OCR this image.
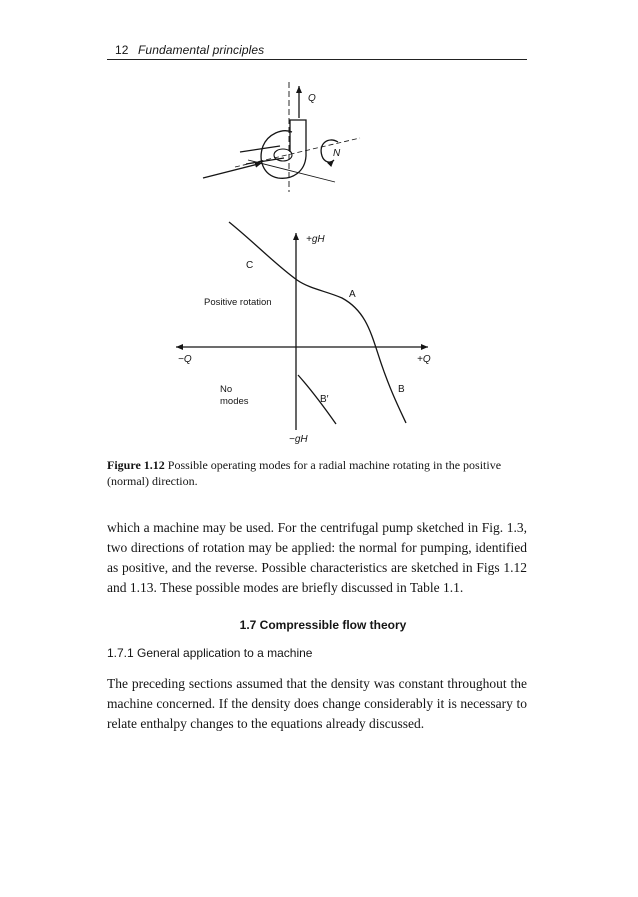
12 Fundamental principles
Q
N
+gH
−gH
−Q	+Q
C
A
B
B′
Positive rotation
No
modes
Figure 1.12 Possible operating modes for a radial machine rotating in the positive (normal) direction.
which a machine may be used. For the centrifugal pump sketched in Fig. 1.3, two directions of rotation may be applied: the normal for pumping, identified as positive, and the reverse. Possible characteristics are sketched in Figs 1.12 and 1.13. These possible modes are briefly discussed in Table 1.1.
1.7 Compressible flow theory
1.7.1 General application to a machine
The preceding sections assumed that the density was constant throughout the machine concerned. If the density does change considerably it is necessary to relate enthalpy changes to the equations already discussed.
